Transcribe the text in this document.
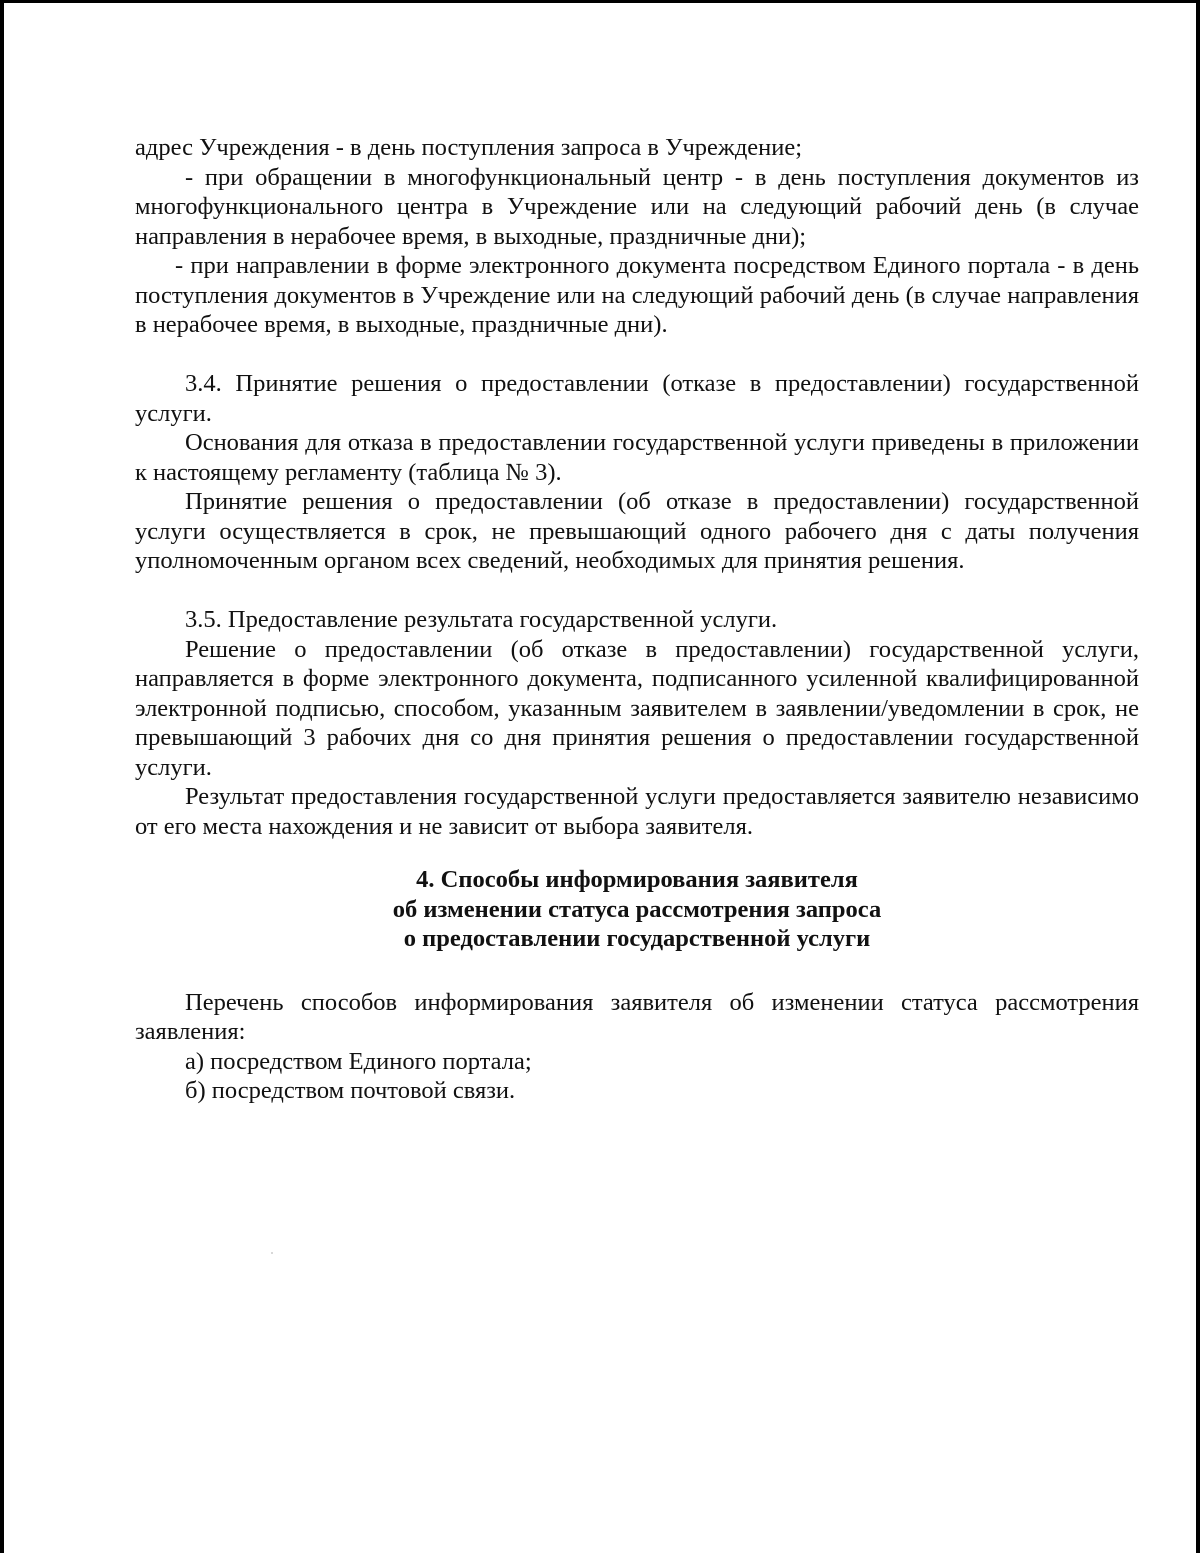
адрес Учреждения - в день поступления запроса в Учреждение;

- при обращении в многофункциональный центр - в день поступления документов из многофункционального центра в Учреждение или на следующий рабочий день (в случае направления в нерабочее время, в выходные, праздничные дни);

- при направлении в форме электронного документа посредством Единого портала - в день поступления документов в Учреждение или на следующий рабочий день (в случае направления в нерабочее время, в выходные, праздничные дни).

3.4. Принятие решения о предоставлении (отказе в предоставлении) государственной услуги.

Основания для отказа в предоставлении государственной услуги приведены в приложении к настоящему регламенту (таблица № 3).

Принятие решения о предоставлении (об отказе в предоставлении) государственной услуги осуществляется в срок, не превышающий одного рабочего дня с даты получения уполномоченным органом всех сведений, необходимых для принятия решения.

3.5. Предоставление результата государственной услуги.

Решение о предоставлении (об отказе в предоставлении) государственной услуги, направляется в форме электронного документа, подписанного усиленной квалифицированной электронной подписью, способом, указанным заявителем в заявлении/уведомлении в срок, не превышающий 3 рабочих дня со дня принятия решения о предоставлении государственной услуги.

Результат предоставления государственной услуги предоставляется заявителю независимо от его места нахождения и не зависит от выбора заявителя.

4. Способы информирования заявителя

об изменении статуса рассмотрения запроса

о предоставлении государственной услуги

Перечень способов информирования заявителя об изменении статуса рассмотрения заявления:

а) посредством Единого портала;

б) посредством почтовой связи.
